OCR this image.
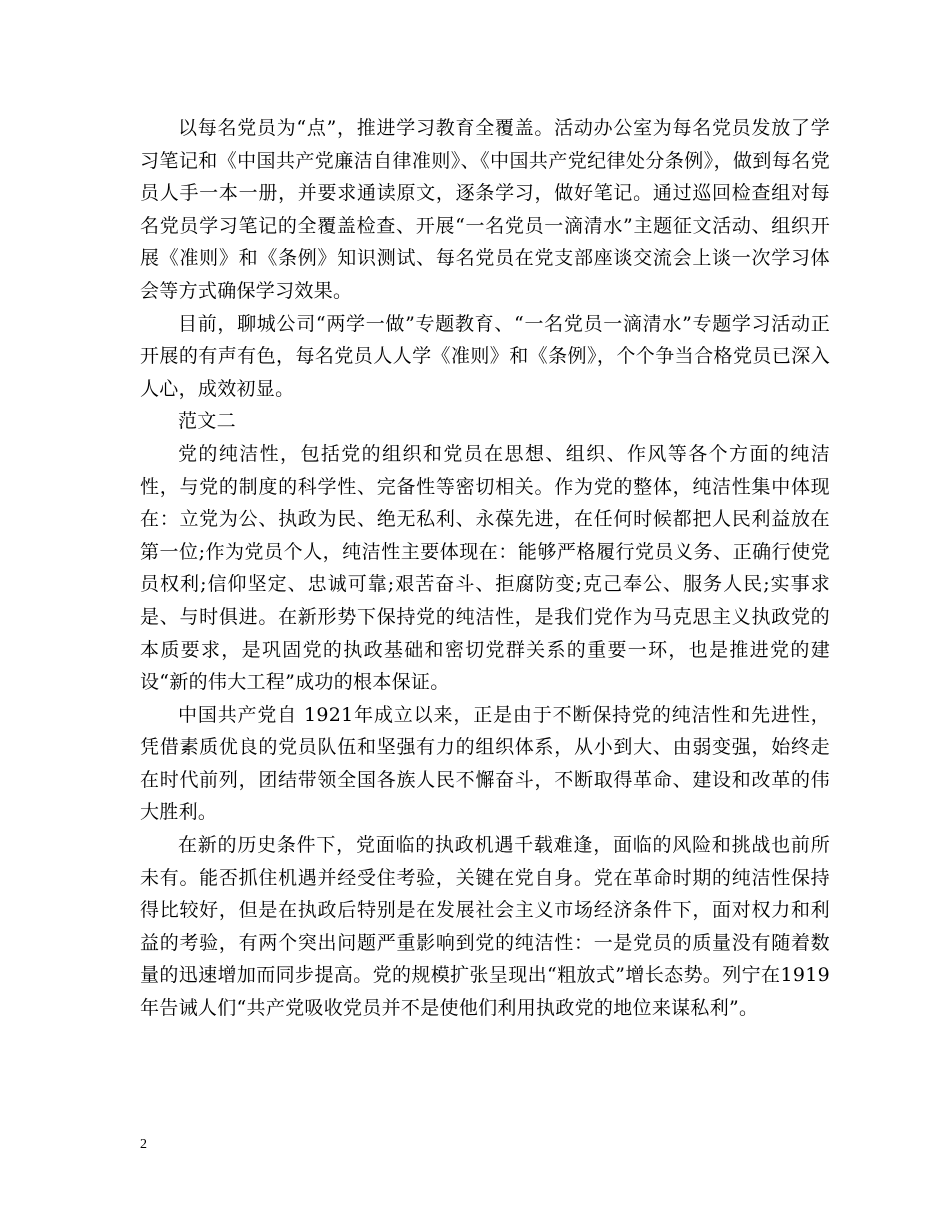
以每名党员为“点”，推进学习教育全覆盖。活动办公室为每名党员发放了学习笔记和《中国共产党廉洁自律准则》、《中国共产党纪律处分条例》，做到每名党员人手一本一册，并要求通读原文，逐条学习，做好笔记。通过巡回检查组对每名党员学习笔记的全覆盖检查、开展“一名党员一滴清水”主题征文活动、组织开展《准则》和《条例》知识测试、每名党员在党支部座谈交流会上谈一次学习体会等方式确保学习效果。

目前，聊城公司“两学一做”专题教育、“一名党员一滴清水”专题学习活动正开展的有声有色，每名党员人人学《准则》和《条例》，个个争当合格党员已深入人心，成效初显。

范文二

党的纯洁性，包括党的组织和党员在思想、组织、作风等各个方面的纯洁性，与党的制度的科学性、完备性等密切相关。作为党的整体，纯洁性集中体现在：立党为公、执政为民、绝无私利、永葆先进，在任何时候都把人民利益放在第一位;作为党员个人，纯洁性主要体现在：能够严格履行党员义务、正确行使党员权利;信仰坚定、忠诚可靠;艰苦奋斗、拒腐防变;克己奉公、服务人民;实事求是、与时俱进。在新形势下保持党的纯洁性，是我们党作为马克思主义执政党的本质要求，是巩固党的执政基础和密切党群关系的重要一环，也是推进党的建设“新的伟大工程”成功的根本保证。

中国共产党自 1921年成立以来，正是由于不断保持党的纯洁性和先进性，凭借素质优良的党员队伍和坚强有力的组织体系，从小到大、由弱变强，始终走在时代前列，团结带领全国各族人民不懈奋斗，不断取得革命、建设和改革的伟大胜利。

在新的历史条件下，党面临的执政机遇千载难逢，面临的风险和挑战也前所未有。能否抓住机遇并经受住考验，关键在党自身。党在革命时期的纯洁性保持得比较好，但是在执政后特别是在发展社会主义市场经济条件下，面对权力和利益的考验，有两个突出问题严重影响到党的纯洁性：一是党员的质量没有随着数量的迅速增加而同步提高。党的规模扩张呈现出“粗放式”增长态势。列宁在1919年告诫人们“共产党吸收党员并不是使他们利用执政党的地位来谋私利”。

2
